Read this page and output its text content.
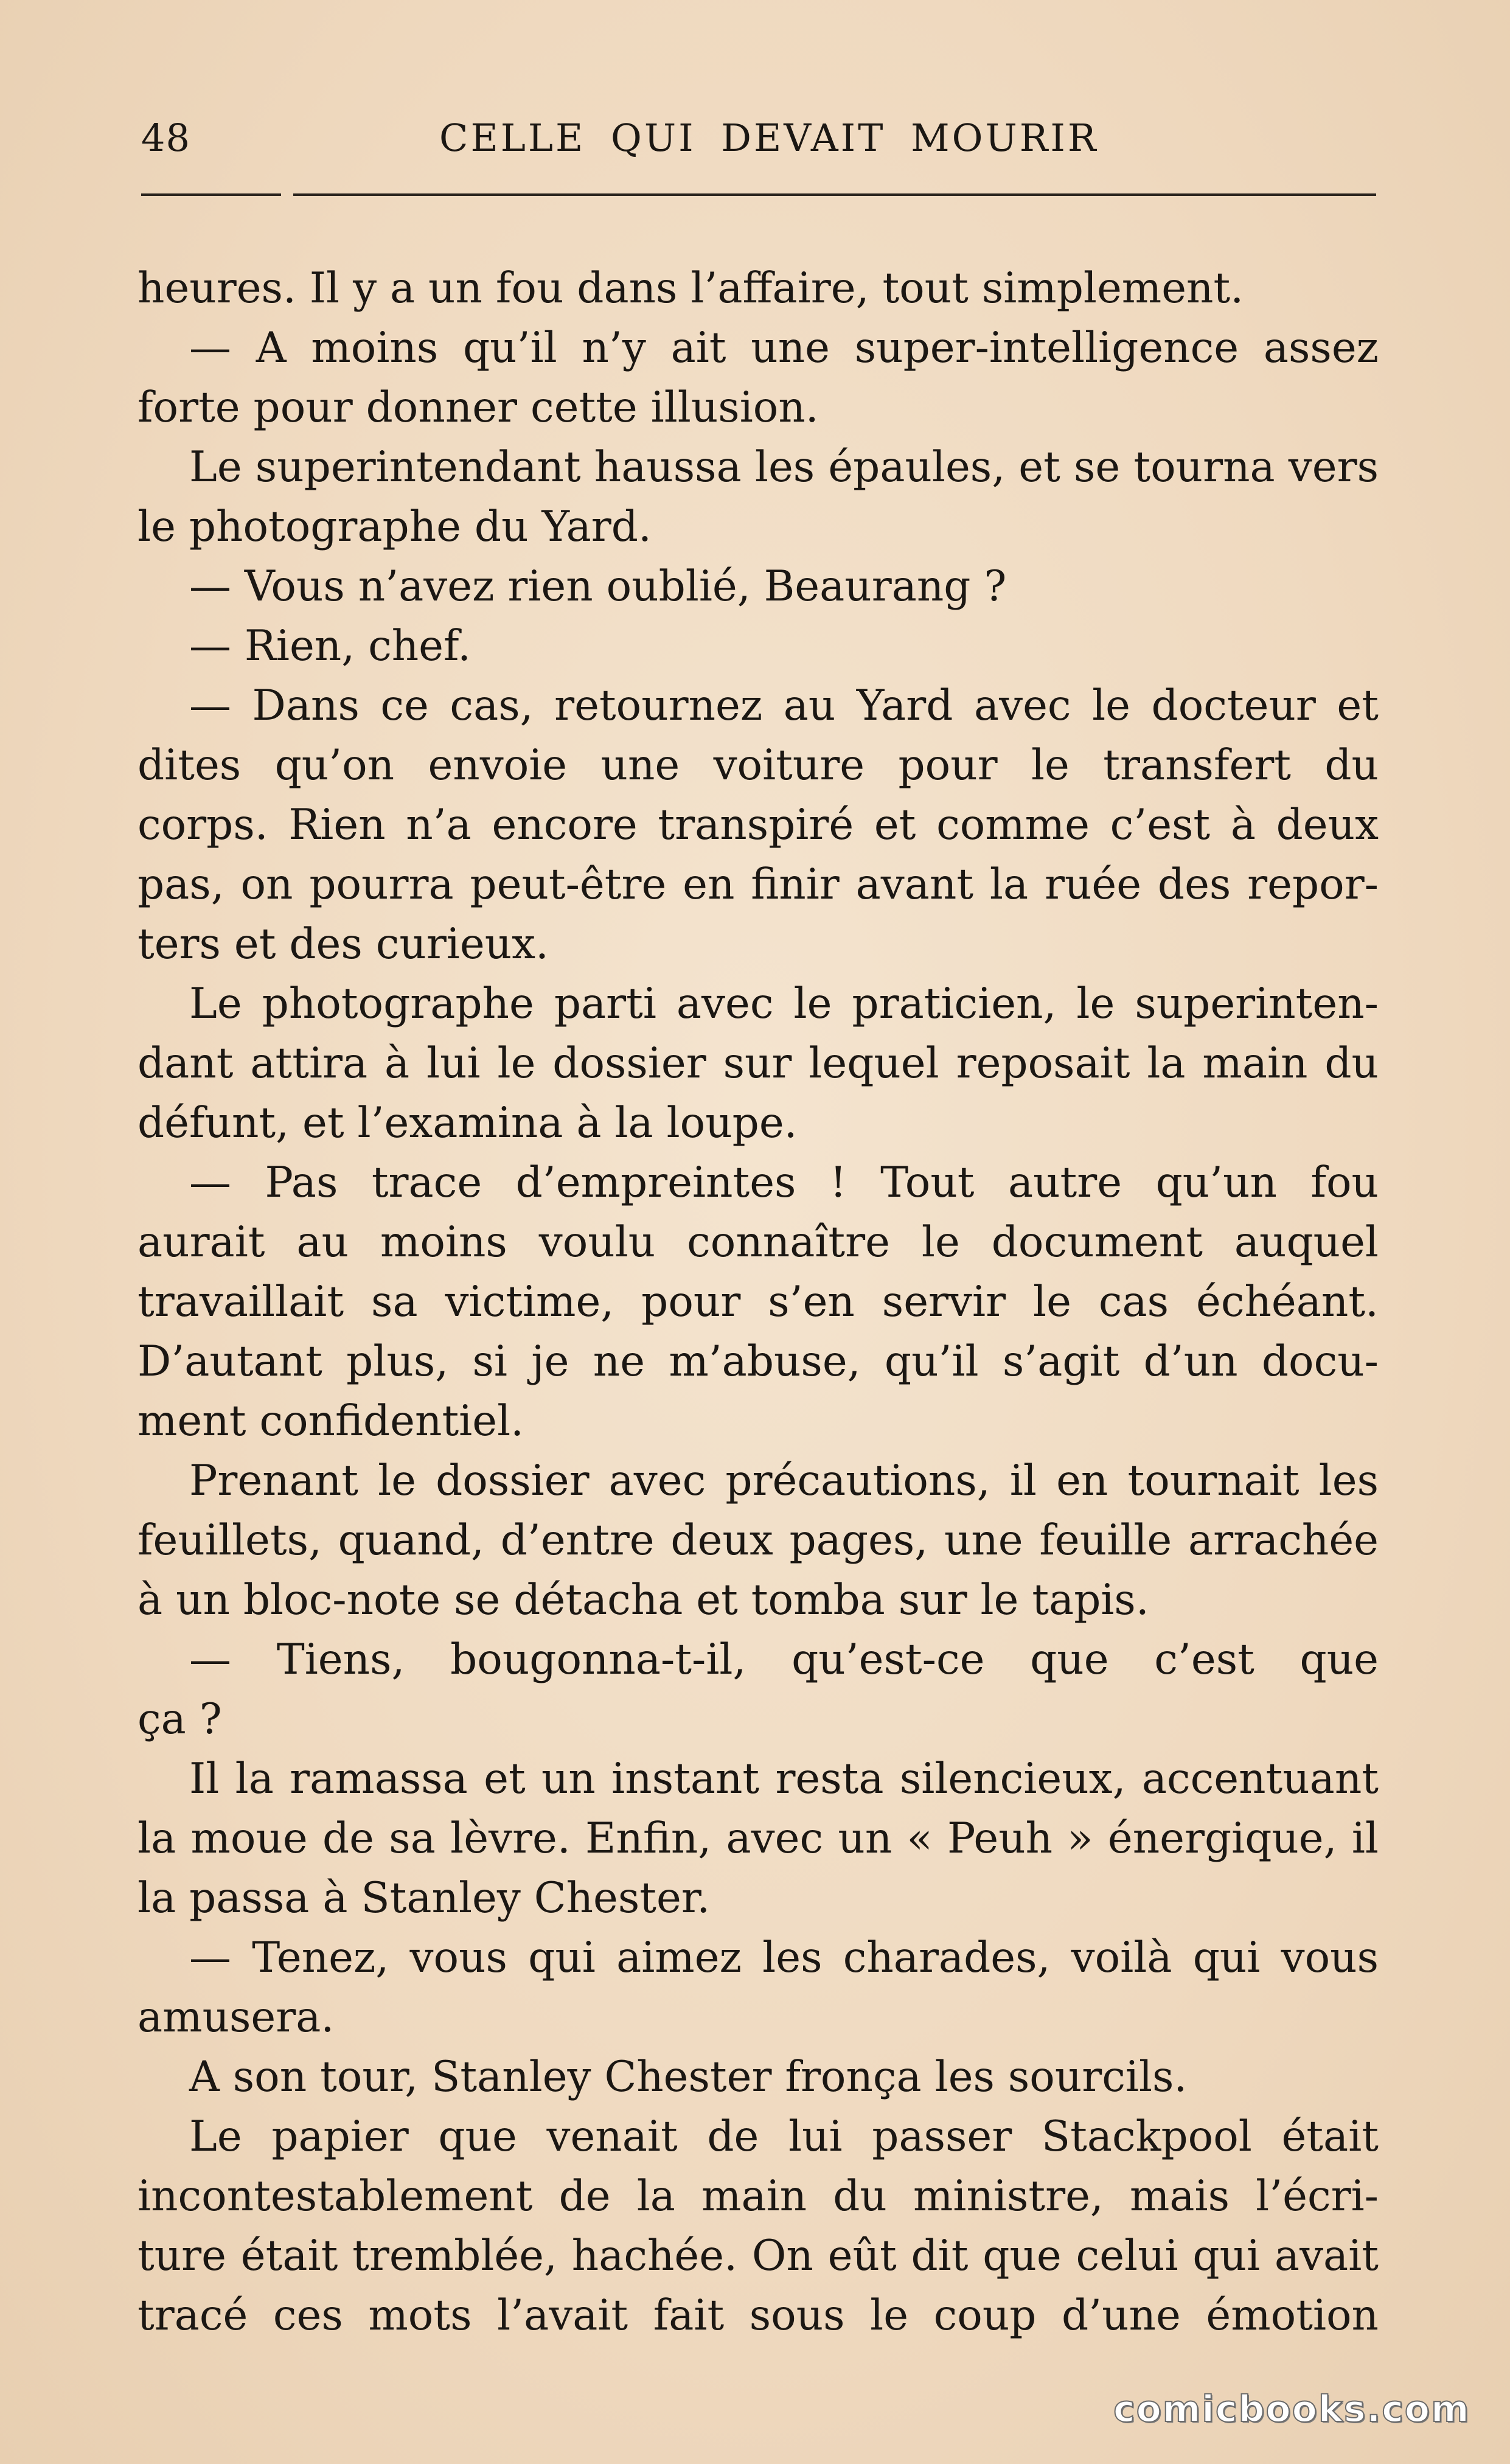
48	CELLE QUI DEVAIT MOURIR
heures. Il y a un fou dans l’affaire, tout simplement.
— A moins qu’il n’y ait une super-intelligence assez
forte pour donner cette illusion.
Le superintendant haussa les épaules, et se tourna vers
le photographe du Yard.
— Vous n’avez rien oublié, Beaurang ?
— Rien, chef.
— Dans ce cas, retournez au Yard avec le docteur et
dites qu’on envoie une voiture pour le transfert du
corps. Rien n’a encore transpiré et comme c’est à deux
pas, on pourra peut-être en finir avant la ruée des repor-
ters et des curieux.
Le photographe parti avec le praticien, le superinten-
dant attira à lui le dossier sur lequel reposait la main du
défunt, et l’examina à la loupe.
— Pas trace d’empreintes ! Tout autre qu’un fou
aurait au moins voulu connaître le document auquel
travaillait sa victime, pour s’en servir le cas échéant.
D’autant plus, si je ne m’abuse, qu’il s’agit d’un docu-
ment confidentiel.
Prenant le dossier avec précautions, il en tournait les
feuillets, quand, d’entre deux pages, une feuille arrachée
à un bloc-note se détacha et tomba sur le tapis.
— Tiens, bougonna-t-il, qu’est-ce que c’est que
ça ?
Il la ramassa et un instant resta silencieux, accentuant
la moue de sa lèvre. Enfin, avec un « Peuh » énergique, il
la passa à Stanley Chester.
— Tenez, vous qui aimez les charades, voilà qui vous
amusera.
A son tour, Stanley Chester fronça les sourcils.
Le papier que venait de lui passer Stackpool était
incontestablement de la main du ministre, mais l’écri-
ture était tremblée, hachée. On eût dit que celui qui avait
tracé ces mots l’avait fait sous le coup d’une émotion
comicbooks.com
